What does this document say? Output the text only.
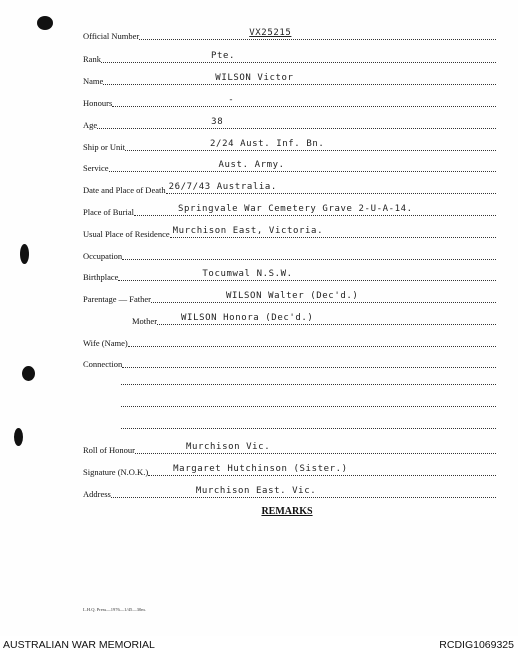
Official Number	VX25215
Rank	Pte.
Name	WILSON Victor
Honours	-
Age	38
Ship or Unit	2/24 Aust. Inf. Bn.
Service	Aust. Army.
Date and Place of Death 26/7/43 Australia.
Place of Burial	Springvale War Cemetery Grave 2-U-A-14.
Usual Place of Residence Murchison East, Victoria.
Occupation
Birthplace	Tocumwal N.S.W.
Parentage — Father	WILSON Walter (Dec'd.)
Mother	WILSON Honora (Dec'd.)
Wife (Name)
Connection
Roll of Honour	Murchison Vic.
Signature (N.O.K.)	Margaret Hutchinson (Sister.)
Address	Murchison East. Vic.
REMARKS
L.H.Q. Press—1976—1/45—30m.
AUSTRALIAN WAR MEMORIAL	RCDIG1069325
